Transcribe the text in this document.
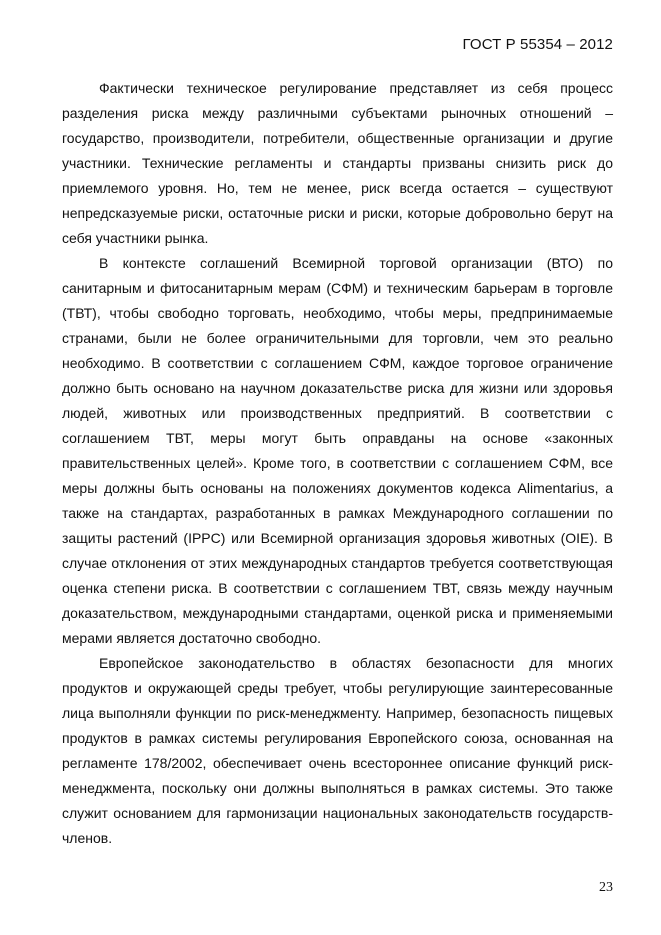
ГОСТ Р 55354 – 2012

Фактически техническое регулирование представляет из себя процесс разделения риска между различными субъектами рыночных отношений – государство, производители, потребители, общественные организации и другие участники. Технические регламенты и стандарты призваны снизить риск до приемлемого уровня. Но, тем не менее, риск всегда остается – существуют непредсказуемые риски, остаточные риски и риски, которые добровольно берут на себя участники рынка.

В контексте соглашений Всемирной торговой организации (ВТО) по санитарным и фитосанитарным мерам (СФМ) и техническим барьерам в торговле (ТВТ), чтобы свободно торговать, необходимо, чтобы меры, предпринимаемые странами, были не более ограничительными для торговли, чем это реально необходимо. В соответствии с соглашением СФМ, каждое торговое ограничение должно быть основано на научном доказательстве риска для жизни или здоровья людей, животных или производственных предприятий. В соответствии с соглашением ТВТ, меры могут быть оправданы на основе «законных правительственных целей». Кроме того, в соответствии с соглашением СФМ, все меры должны быть основаны на положениях документов кодекса Alimentarius, а также на стандартах, разработанных в рамках Международного соглашении по защиты растений (IPPC) или Всемирной организация здоровья животных (OIE). В случае отклонения от этих международных стандартов требуется соответствующая оценка степени риска. В соответствии с соглашением ТВТ, связь между научным доказательством, международными стандартами, оценкой риска и применяемыми мерами является достаточно свободно.

Европейское законодательство в областях безопасности для многих продуктов и окружающей среды требует, чтобы регулирующие заинтересованные лица выполняли функции по риск-менеджменту. Например, безопасность пищевых продуктов в рамках системы регулирования Европейского союза, основанная на регламенте 178/2002, обеспечивает очень всестороннее описание функций риск-менеджмента, поскольку они должны выполняться в рамках системы. Это также служит основанием для гармонизации национальных законодательств государств-членов.

23
